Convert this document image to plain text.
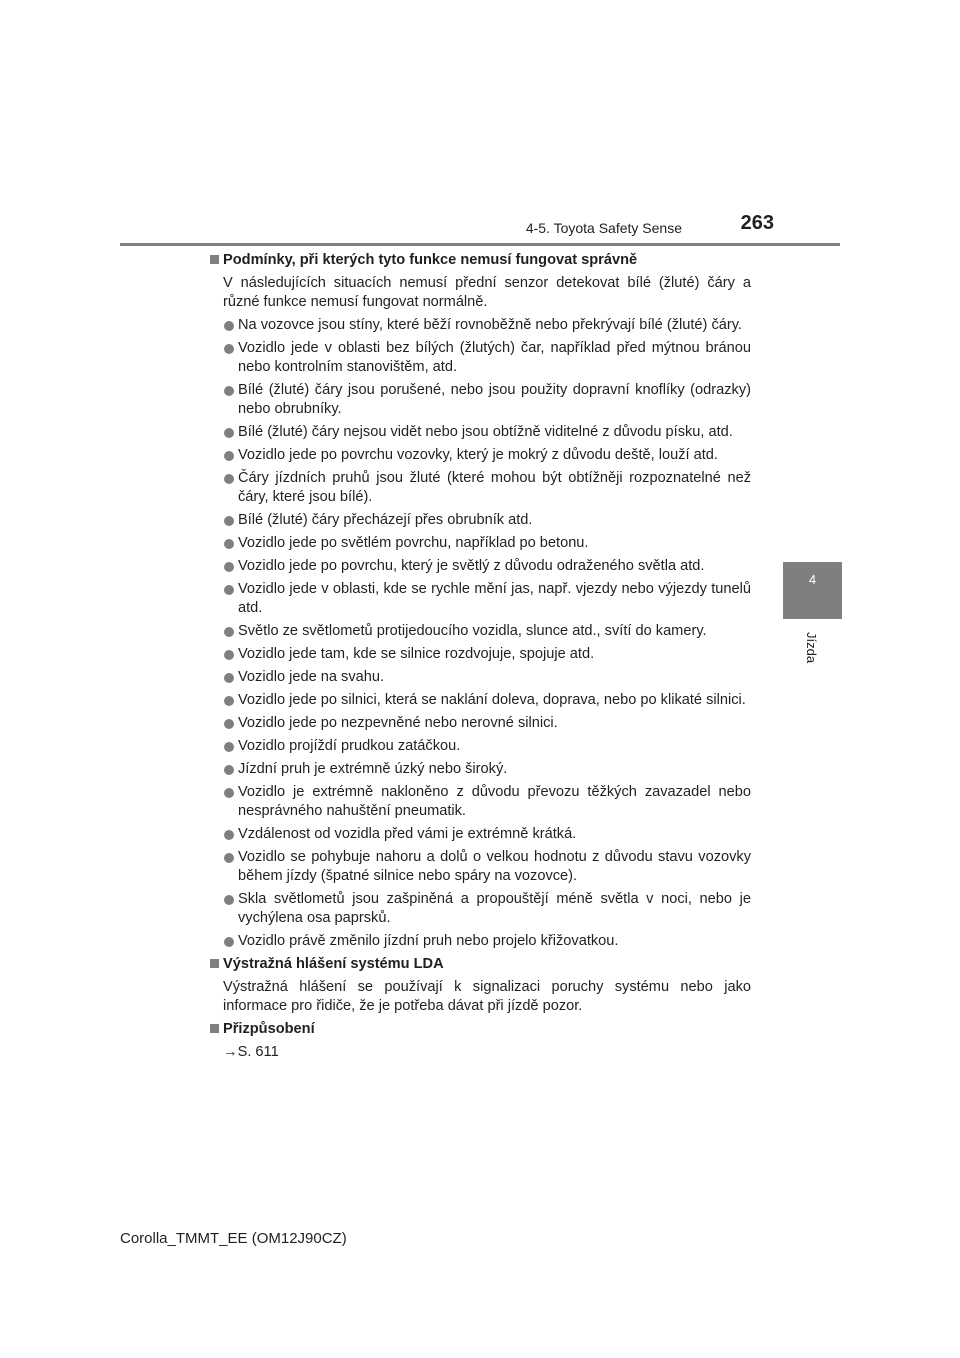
4-5. Toyota Safety Sense	263
4
Jízda
Podmínky, při kterých tyto funkce nemusí fungovat správně

V následujících situacích nemusí přední senzor detekovat bílé (žluté) čáry a různé funkce nemusí fungovat normálně.

Na vozovce jsou stíny, které běží rovnoběžně nebo překrývají bílé (žluté) čáry.
Vozidlo jede v oblasti bez bílých (žlutých) čar, například před mýtnou bránou nebo kontrolním stanovištěm, atd.
Bílé (žluté) čáry jsou porušené, nebo jsou použity dopravní knoflíky (odrazky) nebo obrubníky.
Bílé (žluté) čáry nejsou vidět nebo jsou obtížně viditelné z důvodu písku, atd.
Vozidlo jede po povrchu vozovky, který je mokrý z důvodu deště, louží atd.
Čáry jízdních pruhů jsou žluté (které mohou být obtížněji rozpoznatelné než čáry, které jsou bílé).
Bílé (žluté) čáry přecházejí přes obrubník atd.
Vozidlo jede po světlém povrchu, například po betonu.
Vozidlo jede po povrchu, který je světlý z důvodu odraženého světla atd.
Vozidlo jede v oblasti, kde se rychle mění jas, např. vjezdy nebo výjezdy tunelů atd.
Světlo ze světlometů protijedoucího vozidla, slunce atd., svítí do kamery.
Vozidlo jede tam, kde se silnice rozdvojuje, spojuje atd.
Vozidlo jede na svahu.
Vozidlo jede po silnici, která se naklání doleva, doprava, nebo po klikaté silnici.
Vozidlo jede po nezpevněné nebo nerovné silnici.
Vozidlo projíždí prudkou zatáčkou.
Jízdní pruh je extrémně úzký nebo široký.
Vozidlo je extrémně nakloněno z důvodu převozu těžkých zavazadel nebo nesprávného nahuštění pneumatik.
Vzdálenost od vozidla před vámi je extrémně krátká.
Vozidlo se pohybuje nahoru a dolů o velkou hodnotu z důvodu stavu vozovky během jízdy (špatné silnice nebo spáry na vozovce).
Skla světlometů jsou zašpiněná a propouštějí méně světla v noci, nebo je vychýlena osa paprsků.
Vozidlo právě změnilo jízdní pruh nebo projelo křižovatkou.
Výstražná hlášení systému LDA

Výstražná hlášení se používají k signalizaci poruchy systému nebo jako informace pro řidiče, že je potřeba dávat při jízdě pozor.

Přizpůsobení

→S. 611

Corolla_TMMT_EE (OM12J90CZ)
